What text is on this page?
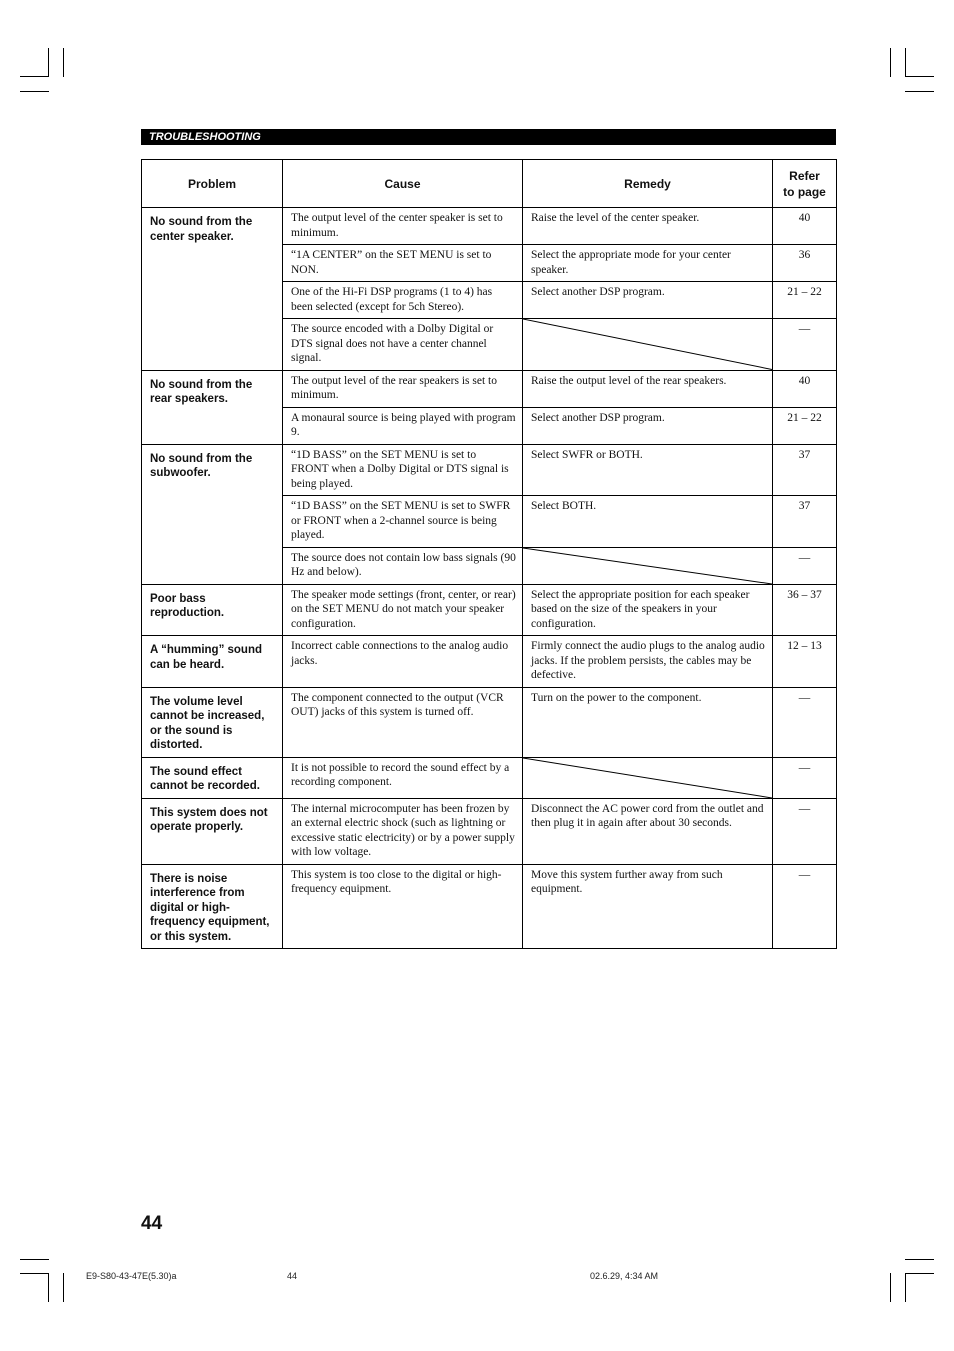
TROUBLESHOOTING
Problem	Cause	Remedy	Refer
to page
No sound from the center speaker.	The output level of the center speaker is set to minimum.	Raise the level of the center speaker.	40
	“1A CENTER” on the SET MENU is set to NON.	Select the appropriate mode for your center speaker.	36
	One of the Hi-Fi DSP programs (1 to 4) has been selected (except for 5ch Stereo).	Select another DSP program.	21 – 22
	The source encoded with a Dolby Digital or DTS signal does not have a center channel signal.		—
No sound from the rear speakers.	The output level of the rear speakers is set to minimum.	Raise the output level of the rear speakers.	40
	A monaural source is being played with program 9.	Select another DSP program.	21 – 22
No sound from the subwoofer.	“1D BASS” on the SET MENU is set to FRONT when a Dolby Digital or DTS signal is being played.	Select SWFR or BOTH.	37
	“1D BASS” on the SET MENU is set to SWFR or FRONT when a 2-channel source is being played.	Select BOTH.	37
	The source does not contain low bass signals (90 Hz and below).		—
Poor bass reproduction.	The speaker mode settings (front, center, or rear) on the SET MENU do not match your speaker configuration.	Select the appropriate position for each speaker based on the size of the speakers in your configuration.	36 – 37
A “humming” sound can be heard.	Incorrect cable connections to the analog audio jacks.	Firmly connect the audio plugs to the analog audio jacks. If the problem persists, the cables may be defective.	12 – 13
The volume level cannot be increased, or the sound is distorted.	The component connected to the output (VCR OUT) jacks of this system is turned off.	Turn on the power to the component.	—
The sound effect cannot be recorded.	It is not possible to record the sound effect by a recording component.		—
This system does not operate properly.	The internal microcomputer has been frozen by an external electric shock (such as lightning or excessive static electricity) or by a power supply with low voltage.	Disconnect the AC power cord from the outlet and then plug it in again after about 30 seconds.	—
There is noise interference from digital or high-frequency equipment, or this system.	This system is too close to the digital or high-frequency equipment.	Move this system further away from such equipment.	—
44
E9-S80-43-47E(5.30)a	44	02.6.29, 4:34 AM
